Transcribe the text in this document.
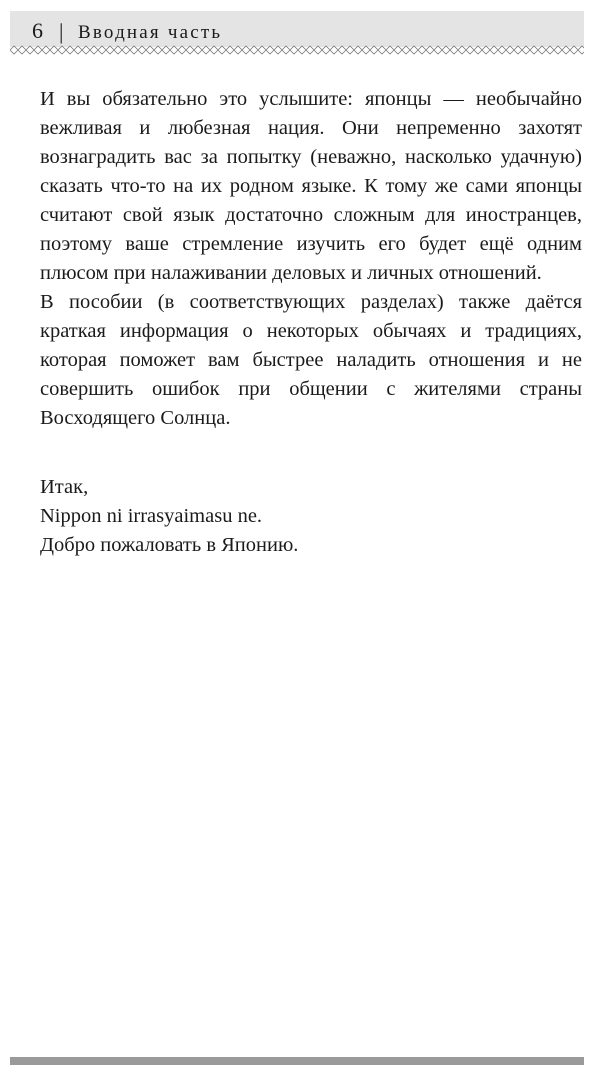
6 | Вводная часть

И вы обязательно это услышите: японцы — необычайно вежливая и любезная нация. Они непременно захотят вознаградить вас за попытку (неважно, насколько удачную) сказать что-то на их родном языке. К тому же сами японцы считают свой язык достаточно сложным для иностранцев, поэтому ваше стремление изучить его будет ещё одним плюсом при налаживании деловых и личных отношений.

В пособии (в соответствующих разделах) также даётся краткая информация о некоторых обычаях и традициях, которая поможет вам быстрее наладить отношения и не совершить ошибок при общении с жителями страны Восходящего Солнца.

Итак,
Nippon ni irrasyaimasu ne.
Добро пожаловать в Японию.
